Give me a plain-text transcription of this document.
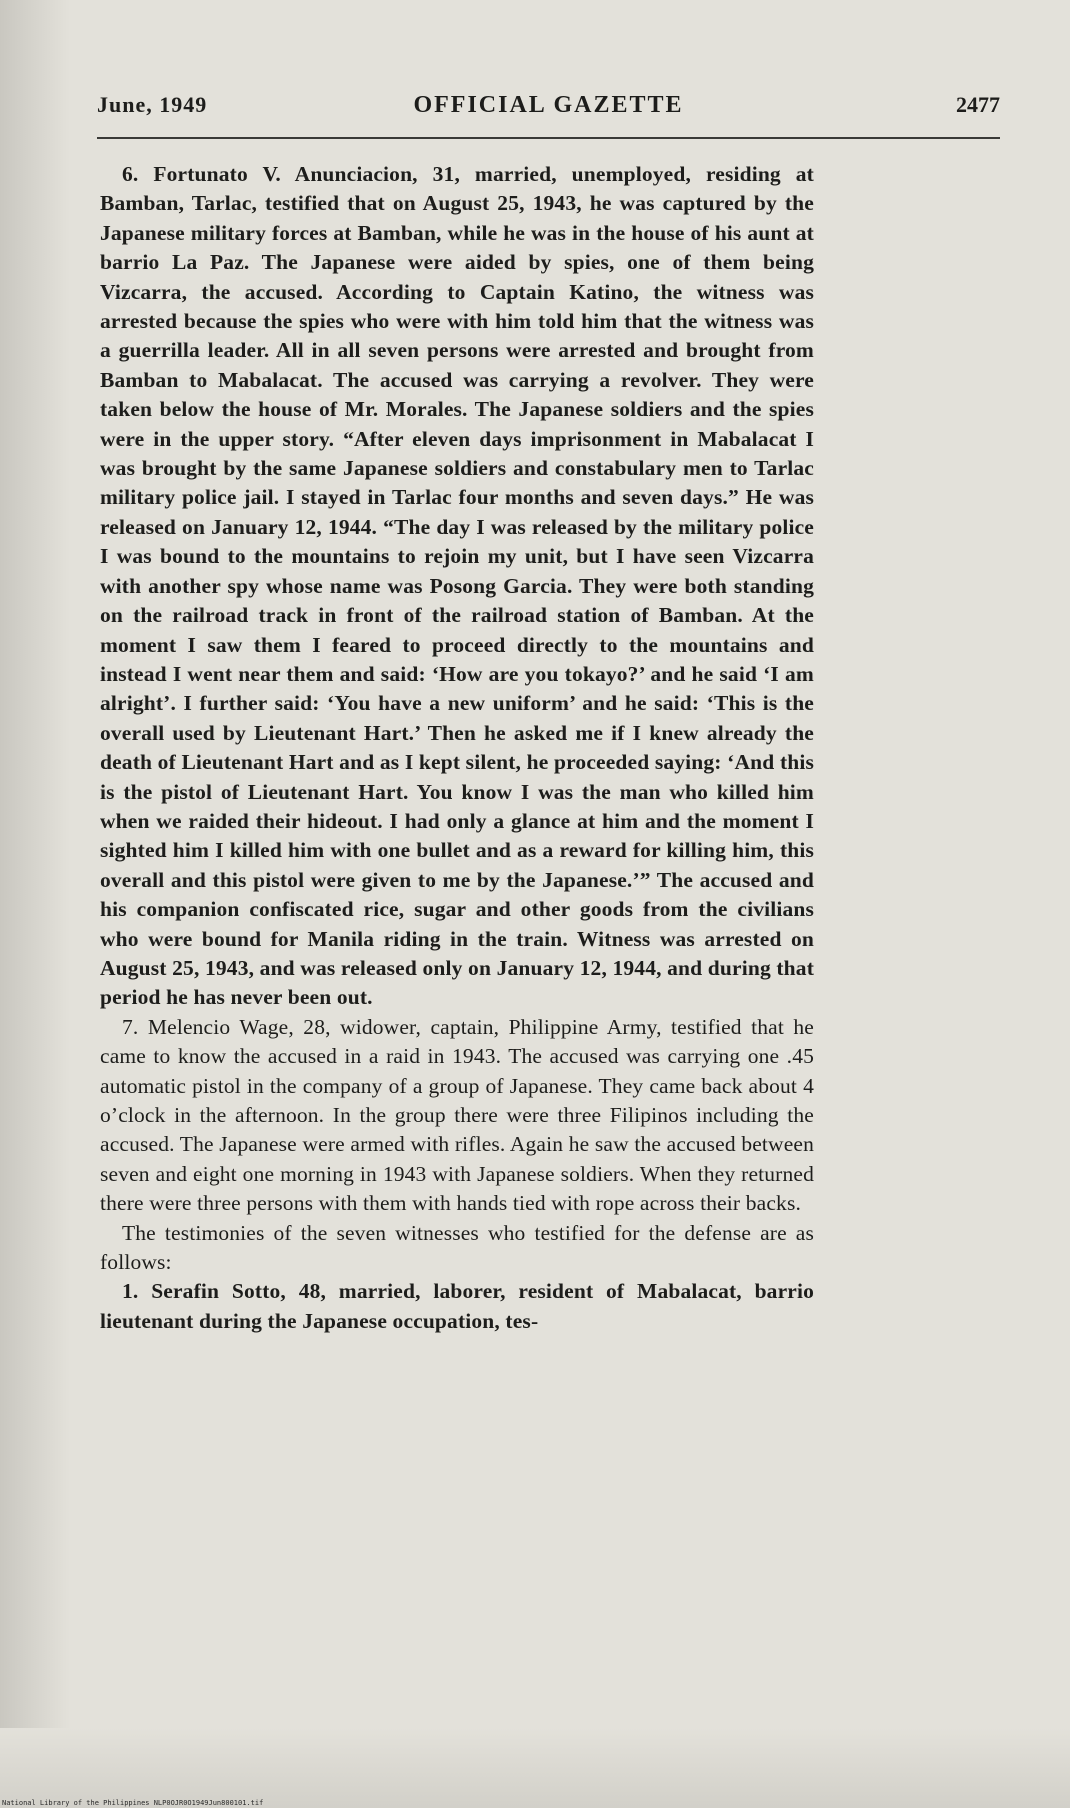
June, 1949	OFFICIAL GAZETTE	2477

6. Fortunato V. Anunciacion, 31, married, unemployed, residing at Bamban, Tarlac, testified that on August 25, 1943, he was captured by the Japanese military forces at Bamban, while he was in the house of his aunt at barrio La Paz. The Japanese were aided by spies, one of them being Vizcarra, the accused. According to Captain Katino, the witness was arrested because the spies who were with him told him that the witness was a guerrilla leader. All in all seven persons were arrested and brought from Bamban to Mabalacat. The accused was carrying a revolver. They were taken below the house of Mr. Morales. The Japanese soldiers and the spies were in the upper story. “After eleven days imprisonment in Mabalacat I was brought by the same Japanese soldiers and constabulary men to Tarlac military police jail. I stayed in Tarlac four months and seven days.” He was released on January 12, 1944. “The day I was released by the military police I was bound to the mountains to rejoin my unit, but I have seen Vizcarra with another spy whose name was Posong Garcia. They were both standing on the railroad track in front of the railroad station of Bamban. At the moment I saw them I feared to proceed directly to the mountains and instead I went near them and said: ‘How are you tokayo?’ and he said ‘I am alright’. I further said: ‘You have a new uniform’ and he said: ‘This is the overall used by Lieutenant Hart.’ Then he asked me if I knew already the death of Lieutenant Hart and as I kept silent, he proceeded saying: ‘And this is the pistol of Lieutenant Hart. You know I was the man who killed him when we raided their hideout. I had only a glance at him and the moment I sighted him I killed him with one bullet and as a reward for killing him, this overall and this pistol were given to me by the Japanese.’” The accused and his companion confiscated rice, sugar and other goods from the civilians who were bound for Manila riding in the train. Witness was arrested on August 25, 1943, and was released only on January 12, 1944, and during that period he has never been out.

7. Melencio Wage, 28, widower, captain, Philippine Army, testified that he came to know the accused in a raid in 1943. The accused was carrying one .45 automatic pistol in the company of a group of Japanese. They came back about 4 o’clock in the afternoon. In the group there were three Filipinos including the accused. The Japanese were armed with rifles. Again he saw the accused between seven and eight one morning in 1943 with Japanese soldiers. When they returned there were three persons with them with hands tied with rope across their backs.

The testimonies of the seven witnesses who testified for the defense are as follows:

1. Serafin Sotto, 48, married, laborer, resident of Mabalacat, barrio lieutenant during the Japanese occupation, tes-

National Library of the Philippines NLP0OJR0O1949Jun800101.tif
